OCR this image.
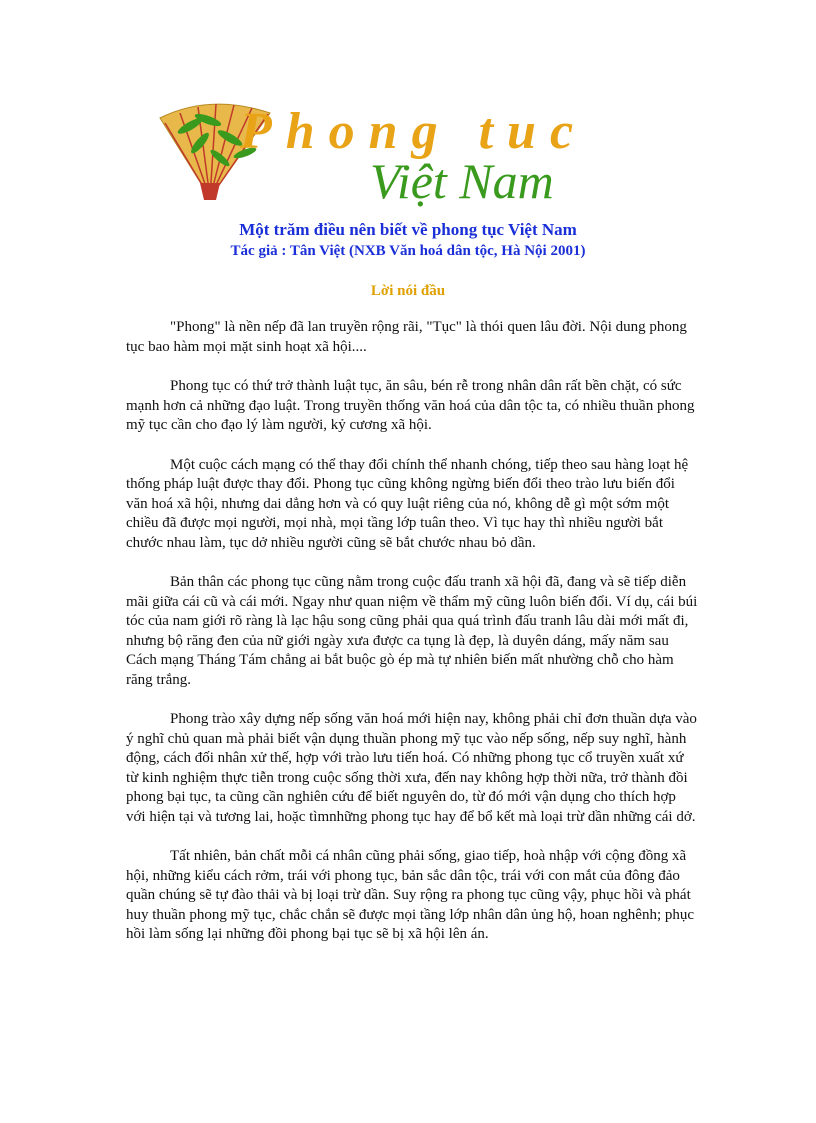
Phong tuc
Việt Nam
Một trăm điều nên biết về phong tục Việt Nam
Tác giả : Tân Việt (NXB Văn hoá dân tộc, Hà Nội 2001)
Lời nói đầu

"Phong" là nền nếp đã lan truyền rộng rãi, "Tục" là thói quen lâu đời. Nội dung phong tục bao hàm mọi mặt sinh hoạt xã hội....

Phong tục có thứ trở thành luật tục, ăn sâu, bén rễ trong nhân dân rất bền chặt, có sức mạnh hơn cả những đạo luật. Trong truyền thống văn hoá của dân tộc ta, có nhiều thuần phong mỹ tục cần cho đạo lý làm người, kỷ cương xã hội.

Một cuộc cách mạng có thể thay đổi chính thể nhanh chóng, tiếp theo sau hàng loạt hệ thống pháp luật được thay đổi. Phong tục cũng không ngừng biến đổi theo trào lưu biến đổi văn hoá xã hội, nhưng dai dẳng hơn và có quy luật riêng của nó, không dễ gì một sớm một chiều đã được mọi người, mọi nhà, mọi tầng lớp tuân theo. Vì tục hay thì nhiều người bắt chước nhau làm, tục dở nhiều người cũng sẽ bắt chước nhau bỏ dần.

Bản thân các phong tục cũng nằm trong cuộc đấu tranh xã hội đã, đang và sẽ tiếp diễn mãi giữa cái cũ và cái mới. Ngay như quan niệm về thẩm mỹ cũng luôn biến đổi. Ví dụ, cái búi tóc của nam giới rõ ràng là lạc hậu song cũng phải qua quá trình đấu tranh lâu dài mới mất đi, nhưng bộ răng đen của nữ giới ngày xưa được ca tụng là đẹp, là duyên dáng, mấy năm sau Cách mạng Tháng Tám chẳng ai bắt buộc gò ép mà tự nhiên biến mất nhường chỗ cho hàm răng trắng.

Phong trào xây dựng nếp sống văn hoá mới hiện nay, không phải chỉ đơn thuần dựa vào ý nghĩ chủ quan mà phải biết vận dụng thuần phong mỹ tục vào nếp sống, nếp suy nghĩ, hành động, cách đối nhân xử thế, hợp với trào lưu tiến hoá. Có những phong tục cổ truyền xuất xứ từ kinh nghiệm thực tiễn trong cuộc sống thời xưa, đến nay không hợp thời nữa, trở thành đồi phong bại tục, ta cũng cần nghiên cứu để biết nguyên do, từ đó mới vận dụng cho thích hợp với hiện tại và tương lai, hoặc tìmnhững phong tục hay để bổ kết mà loại trừ dần những cái dở.

Tất nhiên, bản chất mỗi cá nhân cũng phải sống, giao tiếp, hoà nhập với cộng đồng xã hội, những kiểu cách rởm, trái với phong tục, bản sắc dân tộc, trái với con mắt của đông đảo quần chúng sẽ tự đào thải và bị loại trừ dần. Suy rộng ra phong tục cũng vậy, phục hồi và phát huy thuần phong mỹ tục, chắc chắn sẽ được mọi tầng lớp nhân dân ủng hộ, hoan nghênh; phục hồi làm sống lại những đồi phong bại tục sẽ bị xã hội lên án.
